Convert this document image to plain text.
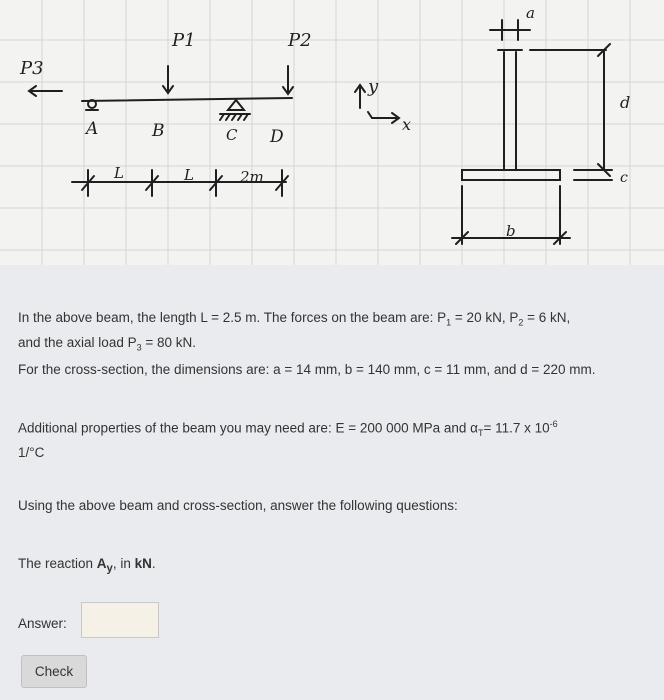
P1	P2
P3
A	B	C D
L	L	2m
y
x
a
b
c
d
In the above beam, the length L = 2.5 m. The forces on the beam are: $P_1 = 20$ kN, $P_2 = 6$ kN,
and the axial load $P_3 = 80$ kN.
For the cross-section, the dimensions are: a = 14 mm, b = 140 mm, c = 11 mm, and d = 220 mm.
Additional properties of the beam you may need are: E = 200 000 MPa and $\alpha_T= 11.7$ x $10^{-6}$
1/°C
Using the above beam and cross-section, answer the following questions:
The reaction $A_y$, in kN.
Answer:
Check
